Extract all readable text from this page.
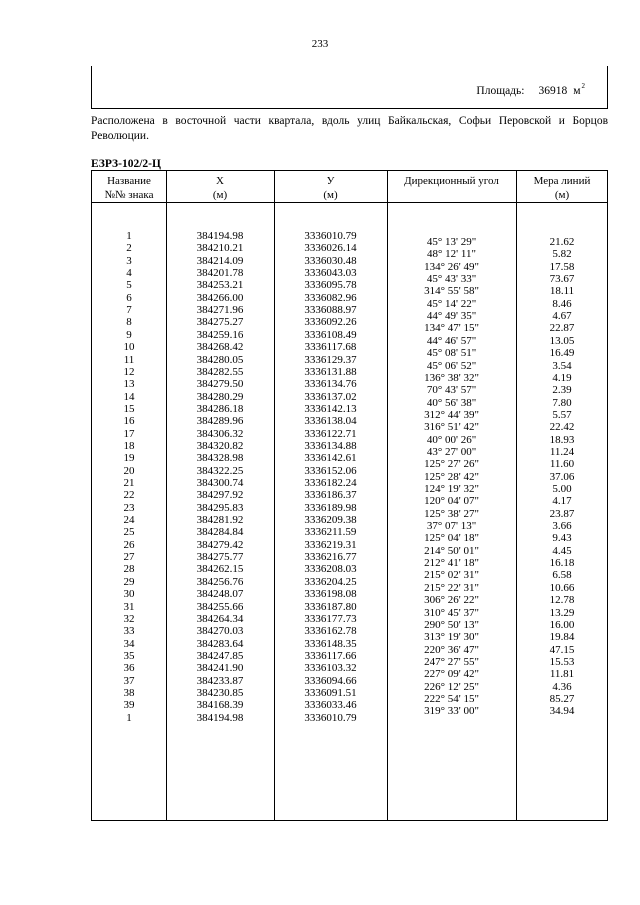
233
Площадь: 36918 $м^2$
Расположена в восточной части квартала, вдоль улиц Байкальская, Софьи Перовской и Борцов Революции.
ЕЗРЗ-102/2-Ц
Название
№№ знака
X
(м)
У
(м)
Дирекционный угол	Мера линий
(м)
1
2
3
4
5
6
7
8
9
10
11
12
13
14
15
16
17
18
19
20
21
22
23
24
25
26
27
28
29
30
31
32
33
34
35
36
37
38
39
1
384194.98
384210.21
384214.09
384201.78
384253.21
384266.00
384271.96
384275.27
384259.16
384268.42
384280.05
384282.55
384279.50
384280.29
384286.18
384289.96
384306.32
384320.82
384328.98
384322.25
384300.74
384297.92
384295.83
384281.92
384284.84
384279.42
384275.77
384262.15
384256.76
384248.07
384255.66
384264.34
384270.03
384283.64
384247.85
384241.90
384233.87
384230.85
384168.39
384194.98
3336010.79
3336026.14
3336030.48
3336043.03
3336095.78
3336082.96
3336088.97
3336092.26
3336108.49
3336117.68
3336129.37
3336131.88
3336134.76
3336137.02
3336142.13
3336138.04
3336122.71
3336134.88
3336142.61
3336152.06
3336182.24
3336186.37
3336189.98
3336209.38
3336211.59
3336219.31
3336216.77
3336208.03
3336204.25
3336198.08
3336187.80
3336177.73
3336162.78
3336148.35
3336117.66
3336103.32
3336094.66
3336091.51
3336033.46
3336010.79
45° 13' 29"
48° 12' 11"
134° 26' 49"
45° 43' 33"
314° 55' 58"
45° 14' 22"
44° 49' 35"
134° 47' 15"
44° 46' 57"
45° 08' 51"
45° 06' 52"
136° 38' 32"
70° 43' 57"
40° 56' 38"
312° 44' 39"
316° 51' 42"
40° 00' 26"
43° 27' 00"
125° 27' 26"
125° 28' 42"
124° 19' 32"
120° 04' 07"
125° 38' 27"
37° 07' 13"
125° 04' 18"
214° 50' 01"
212° 41' 18"
215° 02' 31"
215° 22' 31"
306° 26' 22"
310° 45' 37"
290° 50' 13"
313° 19' 30"
220° 36' 47"
247° 27' 55"
227° 09' 42"
226° 12' 25"
222° 54' 15"
319° 33' 00"
21.62
5.82
17.58
73.67
18.11
8.46
4.67
22.87
13.05
16.49
3.54
4.19
2.39
7.80
5.57
22.42
18.93
11.24
11.60
37.06
5.00
4.17
23.87
3.66
9.43
4.45
16.18
6.58
10.66
12.78
13.29
16.00
19.84
47.15
15.53
11.81
4.36
85.27
34.94
